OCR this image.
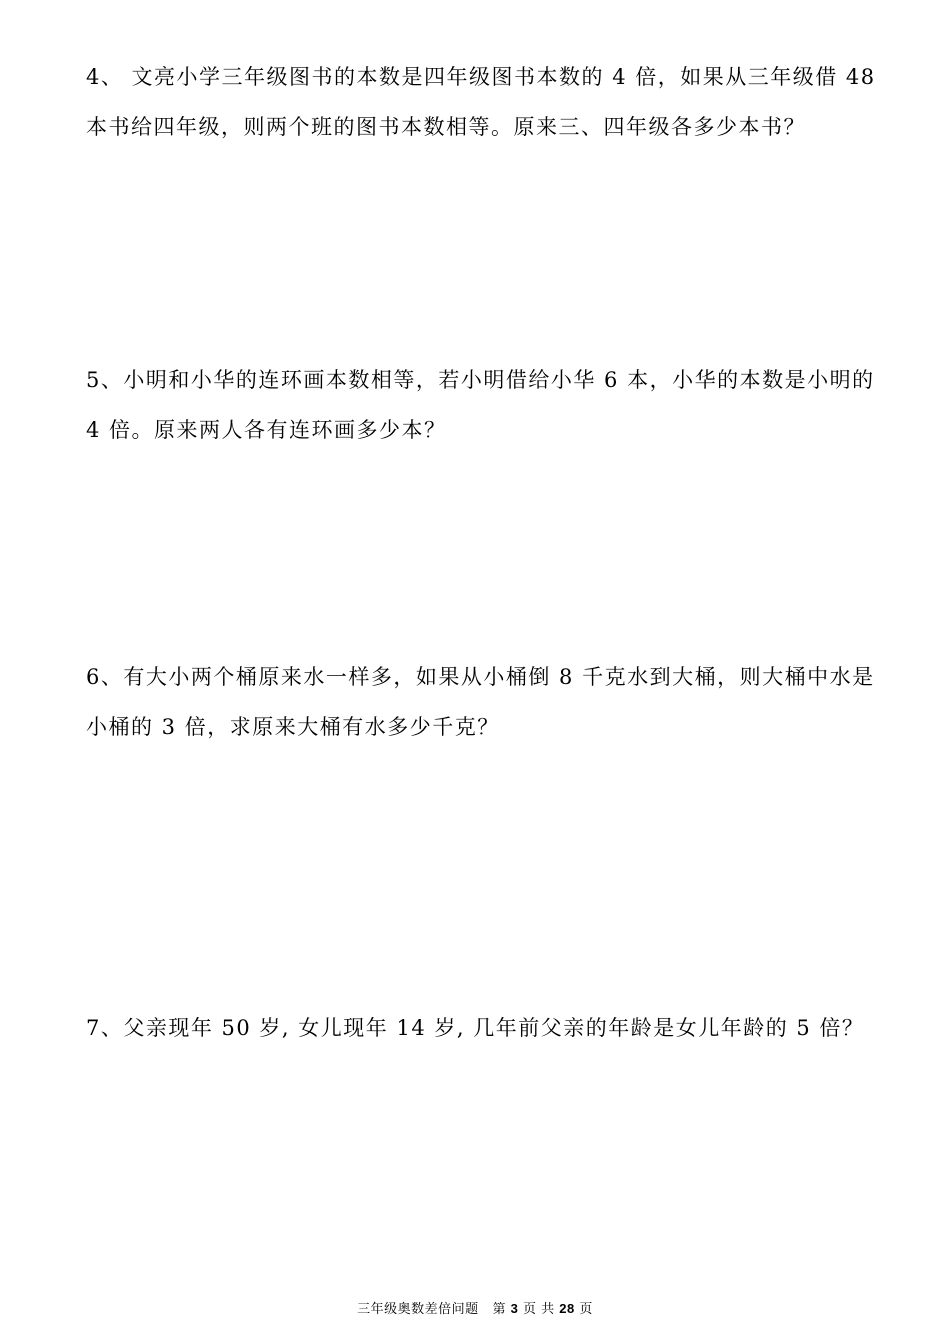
4、 文亮小学三年级图书的本数是四年级图书本数的 4 倍，如果从三年级借 48 本书给四年级，则两个班的图书本数相等。原来三、四年级各多少本书？

5、小明和小华的连环画本数相等，若小明借给小华 6 本，小华的本数是小明的 4 倍。原来两人各有连环画多少本？

6、有大小两个桶原来水一样多，如果从小桶倒 8 千克水到大桶，则大桶中水是小桶的 3 倍，求原来大桶有水多少千克？

7、父亲现年 50 岁, 女儿现年 14 岁, 几年前父亲的年龄是女儿年龄的 5 倍？

三年级奥数差倍问题 第 3 页 共 28 页
